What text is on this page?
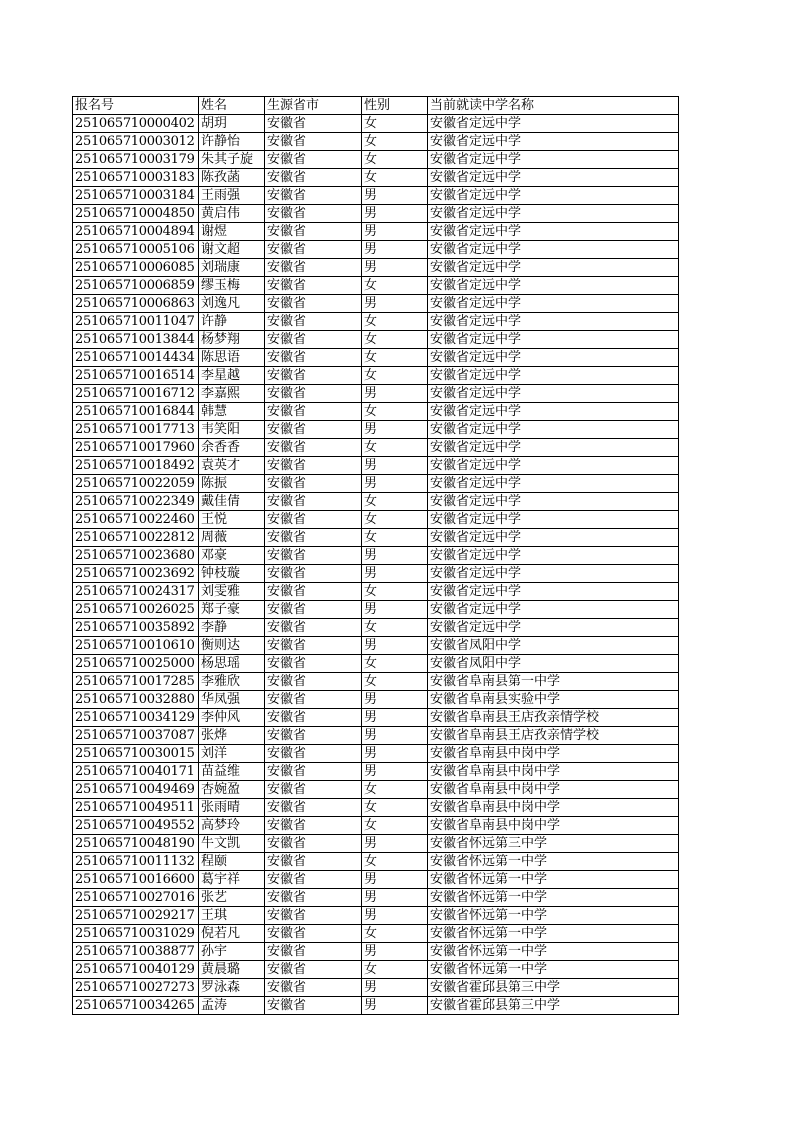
报名号	姓名	生源省市	性别	当前就读中学名称
251065710000402	胡玥	安徽省	女	安徽省定远中学
251065710003012	许静怡	安徽省	女	安徽省定远中学
251065710003179	朱其子旋	安徽省	女	安徽省定远中学
251065710003183	陈孜菡	安徽省	女	安徽省定远中学
251065710003184	王雨强	安徽省	男	安徽省定远中学
251065710004850	黄启伟	安徽省	男	安徽省定远中学
251065710004894	谢煜	安徽省	男	安徽省定远中学
251065710005106	谢文超	安徽省	男	安徽省定远中学
251065710006085	刘瑞康	安徽省	男	安徽省定远中学
251065710006859	缪玉梅	安徽省	女	安徽省定远中学
251065710006863	刘逸凡	安徽省	男	安徽省定远中学
251065710011047	许静	安徽省	女	安徽省定远中学
251065710013844	杨梦翔	安徽省	女	安徽省定远中学
251065710014434	陈思语	安徽省	女	安徽省定远中学
251065710016514	李星越	安徽省	女	安徽省定远中学
251065710016712	李嘉熙	安徽省	男	安徽省定远中学
251065710016844	韩慧	安徽省	女	安徽省定远中学
251065710017713	韦笑阳	安徽省	男	安徽省定远中学
251065710017960	余香香	安徽省	女	安徽省定远中学
251065710018492	袁英才	安徽省	男	安徽省定远中学
251065710022059	陈振	安徽省	男	安徽省定远中学
251065710022349	戴佳倩	安徽省	女	安徽省定远中学
251065710022460	王悦	安徽省	女	安徽省定远中学
251065710022812	周薇	安徽省	女	安徽省定远中学
251065710023680	邓豪	安徽省	男	安徽省定远中学
251065710023692	钟枝璇	安徽省	男	安徽省定远中学
251065710024317	刘雯雅	安徽省	女	安徽省定远中学
251065710026025	郑子豪	安徽省	男	安徽省定远中学
251065710035892	李静	安徽省	女	安徽省定远中学
251065710010610	衡则达	安徽省	男	安徽省凤阳中学
251065710025000	杨思瑶	安徽省	女	安徽省凤阳中学
251065710017285	李雅欣	安徽省	女	安徽省阜南县第一中学
251065710032880	华凤强	安徽省	男	安徽省阜南县实验中学
251065710034129	李仲风	安徽省	男	安徽省阜南县王店孜亲情学校
251065710037087	张烨	安徽省	男	安徽省阜南县王店孜亲情学校
251065710030015	刘洋	安徽省	男	安徽省阜南县中岗中学
251065710040171	苗益维	安徽省	男	安徽省阜南县中岗中学
251065710049469	杏婉盈	安徽省	女	安徽省阜南县中岗中学
251065710049511	张雨晴	安徽省	女	安徽省阜南县中岗中学
251065710049552	高梦玲	安徽省	女	安徽省阜南县中岗中学
251065710048190	牛文凯	安徽省	男	安徽省怀远第三中学
251065710011132	程颐	安徽省	女	安徽省怀远第一中学
251065710016600	葛宇祥	安徽省	男	安徽省怀远第一中学
251065710027016	张艺	安徽省	男	安徽省怀远第一中学
251065710029217	王琪	安徽省	男	安徽省怀远第一中学
251065710031029	倪若凡	安徽省	女	安徽省怀远第一中学
251065710038877	孙宇	安徽省	男	安徽省怀远第一中学
251065710040129	黄晨璐	安徽省	女	安徽省怀远第一中学
251065710027273	罗泳森	安徽省	男	安徽省霍邱县第三中学
251065710034265	孟涛	安徽省	男	安徽省霍邱县第三中学
